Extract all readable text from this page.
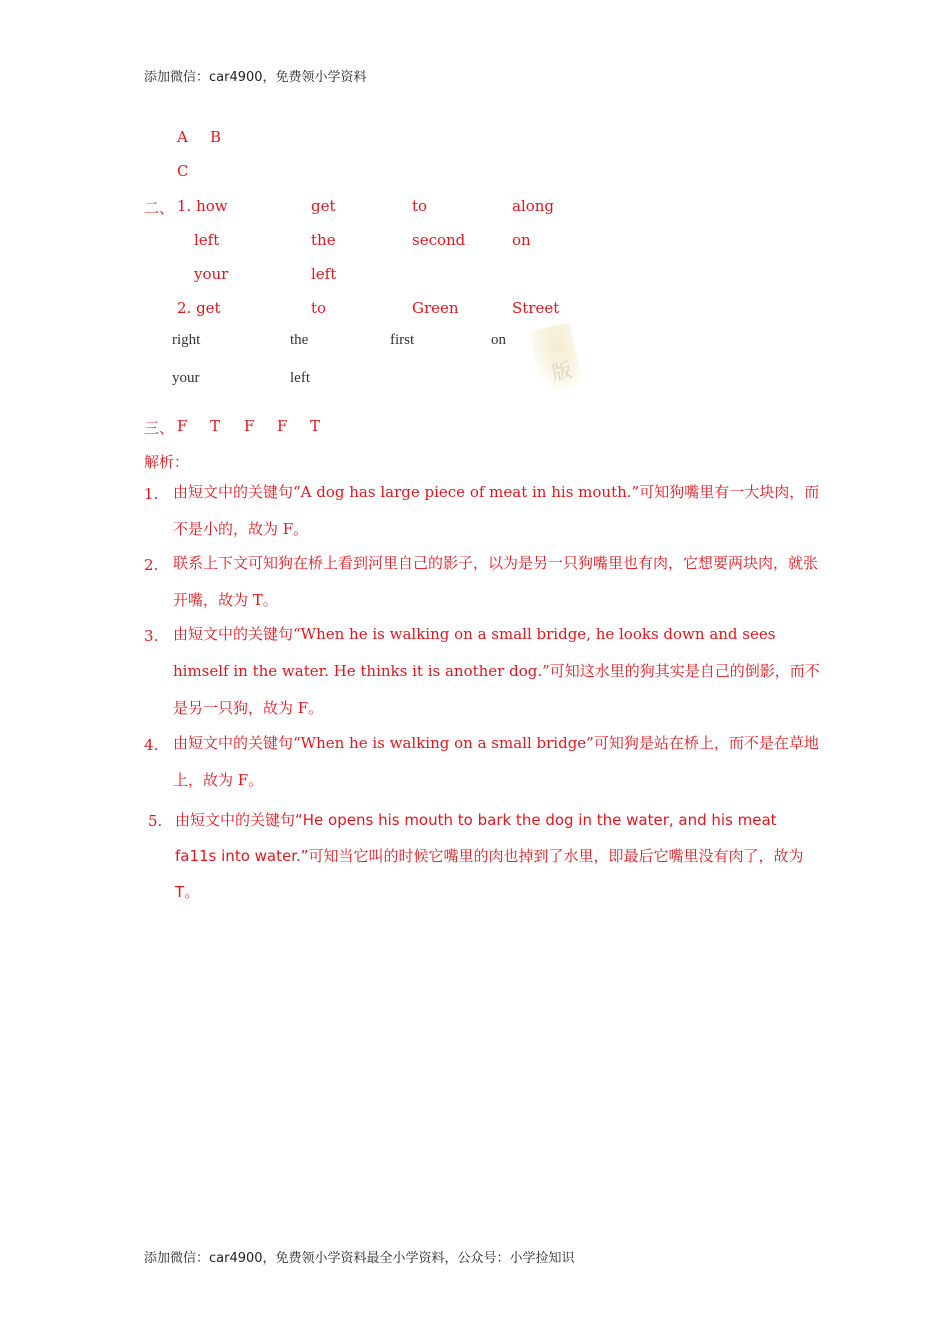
添加微信：car4900，免费领小学资料
A B
C
二、 1. how	get	to	along
left	the	second	on
your	left
2. get	to	Green	Street
right	the	first	on
your	left	版
三、 F T F F T
解析：
1. 由短文中的关键句“A dog has large piece of meat in his mouth.”可知狗嘴里有一大块肉，而不是小的，故为 F。
2. 联系上下文可知狗在桥上看到河里自己的影子，以为是另一只狗嘴里也有肉，它想要两块肉，就张开嘴，故为 T。
3. 由短文中的关键句“When he is walking on a small bridge, he looks down and sees himself in the water. He thinks it is another dog.”可知这水里的狗其实是自己的倒影，而不是另一只狗，故为 F。
4. 由短文中的关键句“When he is walking on a small bridge”可知狗是站在桥上，而不是在草地上，故为 F。
5. 由短文中的关键句“He opens his mouth to bark the dog in the water, and his meat fa11s into water.”可知当它叫的时候它嘴里的肉也掉到了水里，即最后它嘴里没有肉了，故为 T。
添加微信：car4900，免费领小学资料最全小学资料，公众号：小学捡知识
